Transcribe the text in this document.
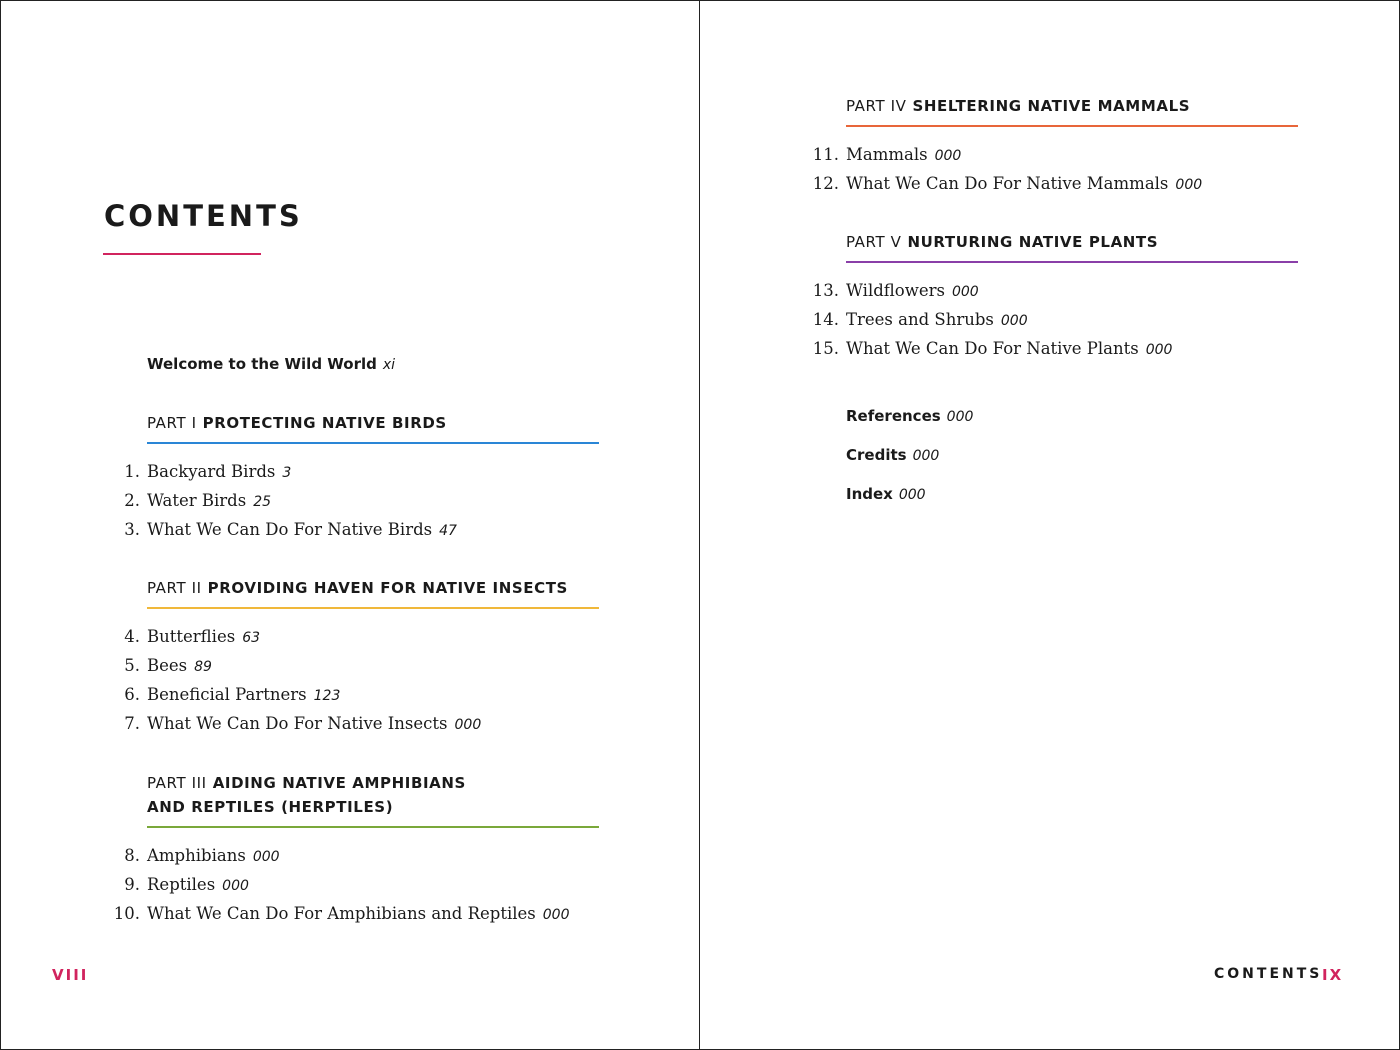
CONTENTS
Welcome to the Wild World xi
PART I PROTECTING NATIVE BIRDS
1. Backyard Birds 3
2. Water Birds 25
3. What We Can Do For Native Birds 47
PART II PROVIDING HAVEN FOR NATIVE INSECTS
4. Butterflies 63
5. Bees 89
6. Beneficial Partners 123
7. What We Can Do For Native Insects 000
PART III AIDING NATIVE AMPHIBIANS
AND REPTILES (HERPTILES)
8. Amphibians 000
9. Reptiles 000
10. What We Can Do For Amphibians and Reptiles 000
VIII
PART IV SHELTERING NATIVE MAMMALS
11. Mammals 000
12. What We Can Do For Native Mammals 000
PART V NURTURING NATIVE PLANTS
13. Wildflowers 000
14. Trees and Shrubs 000
15. What We Can Do For Native Plants 000
References 000
Credits 000
Index 000
CONTENTS IX
